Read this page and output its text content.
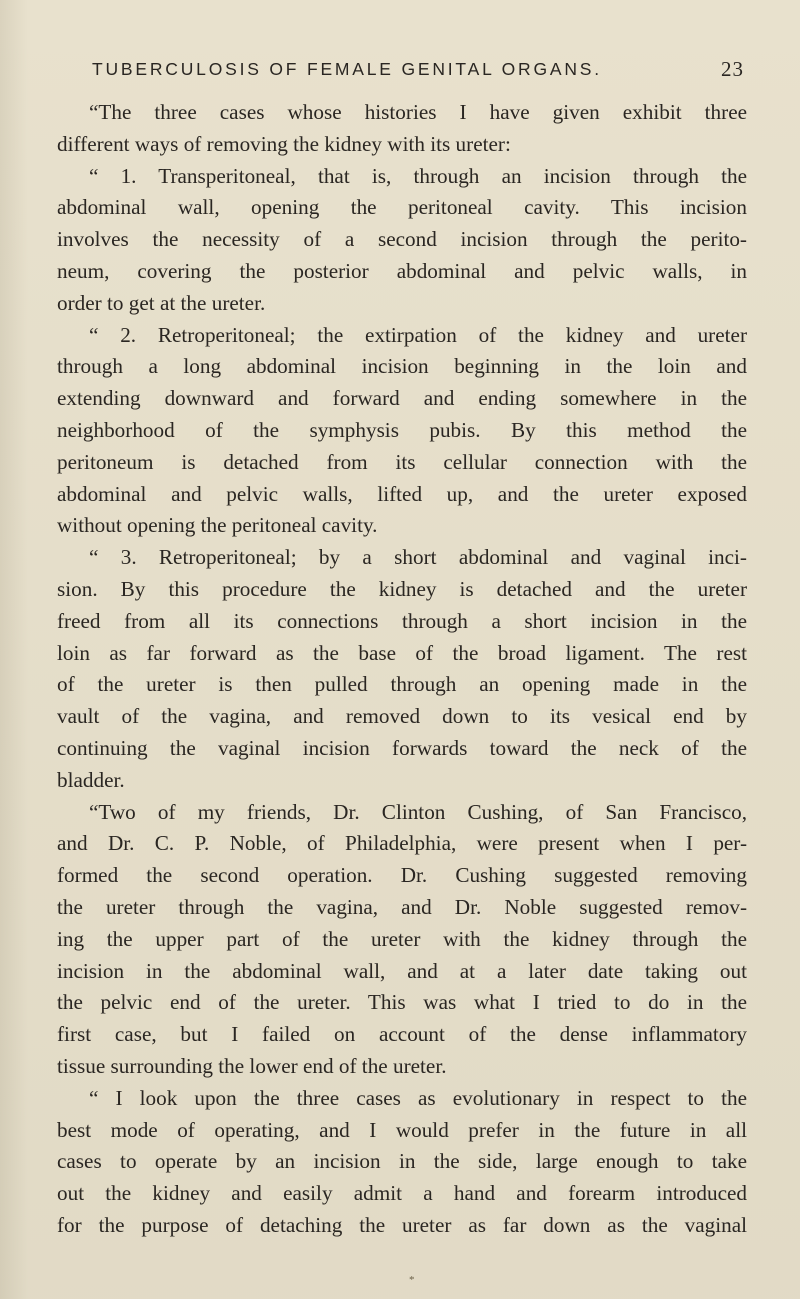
TUBERCULOSIS OF FEMALE GENITAL ORGANS.	23
“The three cases whose histories I have given exhibit three
different ways of removing the kidney with its ureter:
“ 1. Transperitoneal, that is, through an incision through the
abdominal wall, opening the peritoneal cavity. This incision
involves the necessity of a second incision through the perito-
neum, covering the posterior abdominal and pelvic walls, in
order to get at the ureter.
“ 2. Retroperitoneal; the extirpation of the kidney and ureter
through a long abdominal incision beginning in the loin and
extending downward and forward and ending somewhere in the
neighborhood of the symphysis pubis. By this method the
peritoneum is detached from its cellular connection with the
abdominal and pelvic walls, lifted up, and the ureter exposed
without opening the peritoneal cavity.
“ 3. Retroperitoneal; by a short abdominal and vaginal inci-
sion. By this procedure the kidney is detached and the ureter
freed from all its connections through a short incision in the
loin as far forward as the base of the broad ligament. The rest
of the ureter is then pulled through an opening made in the
vault of the vagina, and removed down to its vesical end by
continuing the vaginal incision forwards toward the neck of the
bladder.
“Two of my friends, Dr. Clinton Cushing, of San Francisco,
and Dr. C. P. Noble, of Philadelphia, were present when I per-
formed the second operation. Dr. Cushing suggested removing
the ureter through the vagina, and Dr. Noble suggested remov-
ing the upper part of the ureter with the kidney through the
incision in the abdominal wall, and at a later date taking out
the pelvic end of the ureter. This was what I tried to do in the
first case, but I failed on account of the dense inflammatory
tissue surrounding the lower end of the ureter.
“ I look upon the three cases as evolutionary in respect to the
best mode of operating, and I would prefer in the future in all
cases to operate by an incision in the side, large enough to take
out the kidney and easily admit a hand and forearm introduced
for the purpose of detaching the ureter as far down as the vaginal
*
